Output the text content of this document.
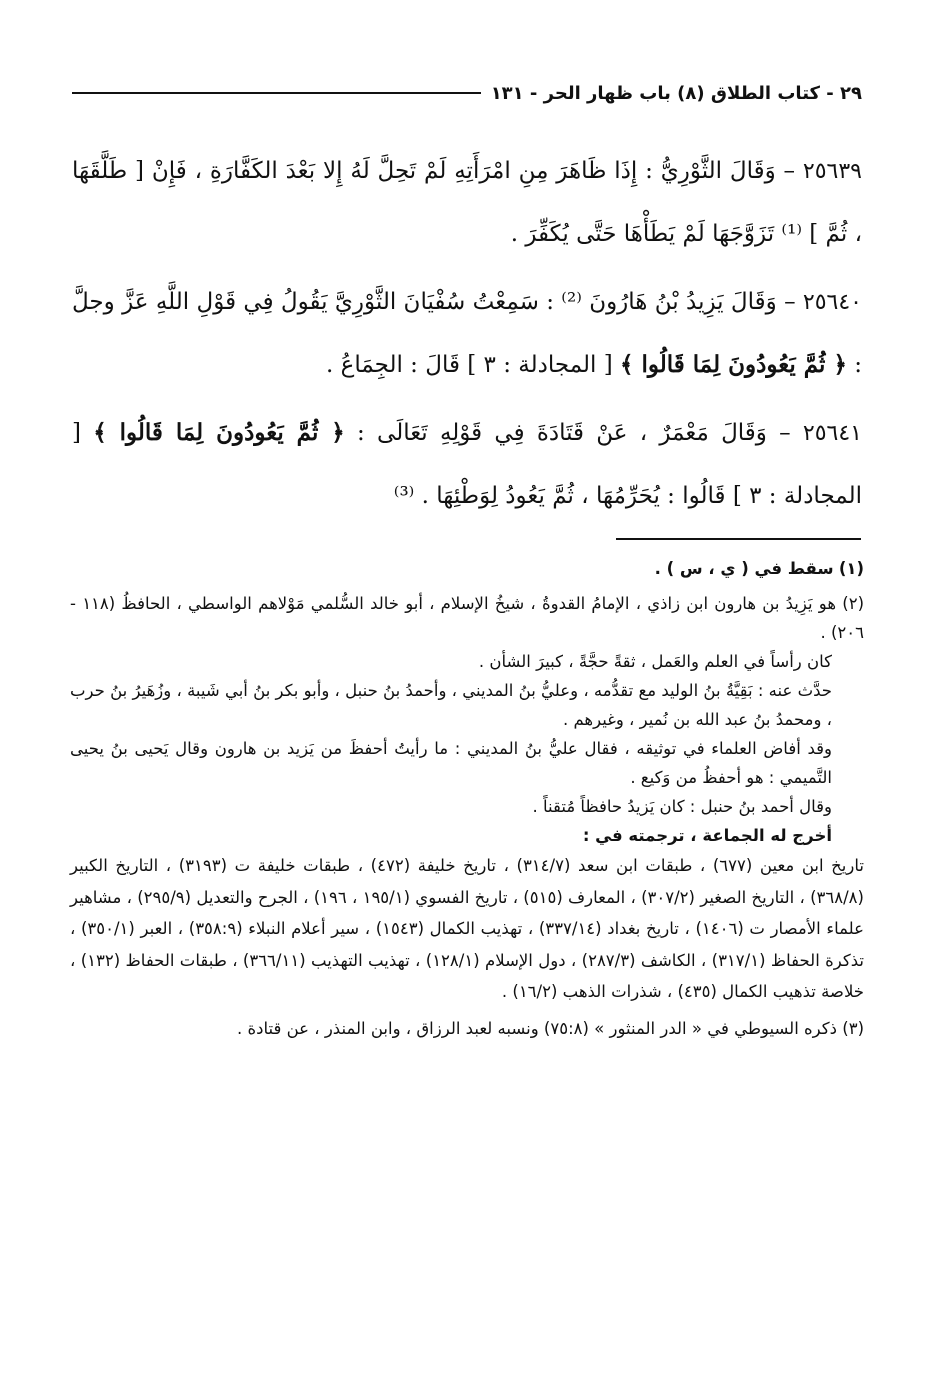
٢٩ - كتاب الطلاق (٨) باب ظهار الحر - ١٣١

٢٥٦٣٩ – وَقَالَ الثَّوْرِيُّ : إِذَا ظَاهَرَ مِنِ امْرَأَتِهِ لَمْ تَحِلَّ لَهُ إِلا بَعْدَ الكَفَّارَةِ ، فَإِنْ [ طَلَّقَهَا ، ثُمَّ ] ⁽¹⁾ تَزَوَّجَهَا لَمْ يَطَأْهَا حَتَّى يُكَفِّرَ .

٢٥٦٤٠ – وَقَالَ يَزِيدُ بْنُ هَارُونَ ⁽²⁾ : سَمِعْتُ سُفْيَانَ الثَّوْرِيَّ يَقُولُ فِي قَوْلِ اللَّهِ عَزَّ وجلَّ : ﴿ ثُمَّ يَعُودُونَ لِمَا قَالُوا ﴾ [ المجادلة : ٣ ] قَالَ : الجِمَاعُ .

٢٥٦٤١ – وَقَالَ مَعْمَرٌ ، عَنْ قَتَادَةَ فِي قَوْلِهِ تَعَالَى : ﴿ ثُمَّ يَعُودُونَ لِمَا قَالُوا ﴾ [ المجادلة : ٣ ] قَالُوا : يُحَرِّمُهَا ، ثُمَّ يَعُودُ لِوَطْئِهَا . ⁽³⁾

(١) سقط في ( ي ، س ) .
(٢) هو يَزِيدُ بن هارون ابن زاذي ، الإمامُ القدوةُ ، شيخُ الإسلام ، أبو خالد السُّلمي مَوْلاهم الواسطي ، الحافظُ (١١٨ - ٢٠٦) .
كان رأساً في العلم والعَمل ، ثقةً حجَّةً ، كبيرَ الشأن .
حدَّث عنه : بَقِيَّةُ بنُ الوليد مع تقدُّمه ، وعليُّ بنُ المديني ، وأحمدُ بنُ حنبل ، وأبو بكر بنُ أبي شَيبة ، وزُهَيرُ بنُ حرب ، ومحمدُ بنُ عبد الله بن نُمير ، وغيرهم .
وقد أفاض العلماء في توثيقه ، فقال عليُّ بنُ المديني : ما رأيتُ أحفظَ من يَزيد بن هارون وقال يَحيى بنُ يحيى التَّميمي : هو أحفظُ من وَكيع .
وقال أحمد بنُ حنبل : كان يَزيدُ حافظاً مُتقناً .
أخرج له الجماعة ، ترجمته في :
تاريخ ابن معين (٦٧٧) ، طبقات ابن سعد (٣١٤/٧) ، تاريخ خليفة (٤٧٢) ، طبقات خليفة ت (٣١٩٣) ، التاريخ الكبير (٣٦٨/٨) ، التاريخ الصغير (٣٠٧/٢) ، المعارف (٥١٥) ، تاريخ الفسوي (١٩٥/١ ، ١٩٦) ، الجرح والتعديل (٢٩٥/٩) ، مشاهير علماء الأمصار ت (١٤٠٦) ، تاريخ بغداد (٣٣٧/١٤) ، تهذيب الكمال (١٥٤٣) ، سير أعلام النبلاء (٣٥٨:٩) ، العبر (٣٥٠/١) ، تذكرة الحفاظ (٣١٧/١) ، الكاشف (٢٨٧/٣) ، دول الإسلام (١٢٨/١) ، تهذيب التهذيب (٣٦٦/١١) ، طبقات الحفاظ (١٣٢) ، خلاصة تذهيب الكمال (٤٣٥) ، شذرات الذهب (١٦/٢) .
(٣) ذكره السيوطي في « الدر المنثور » (٧٥:٨) ونسبه لعبد الرزاق ، وابن المنذر ، عن قتادة .
